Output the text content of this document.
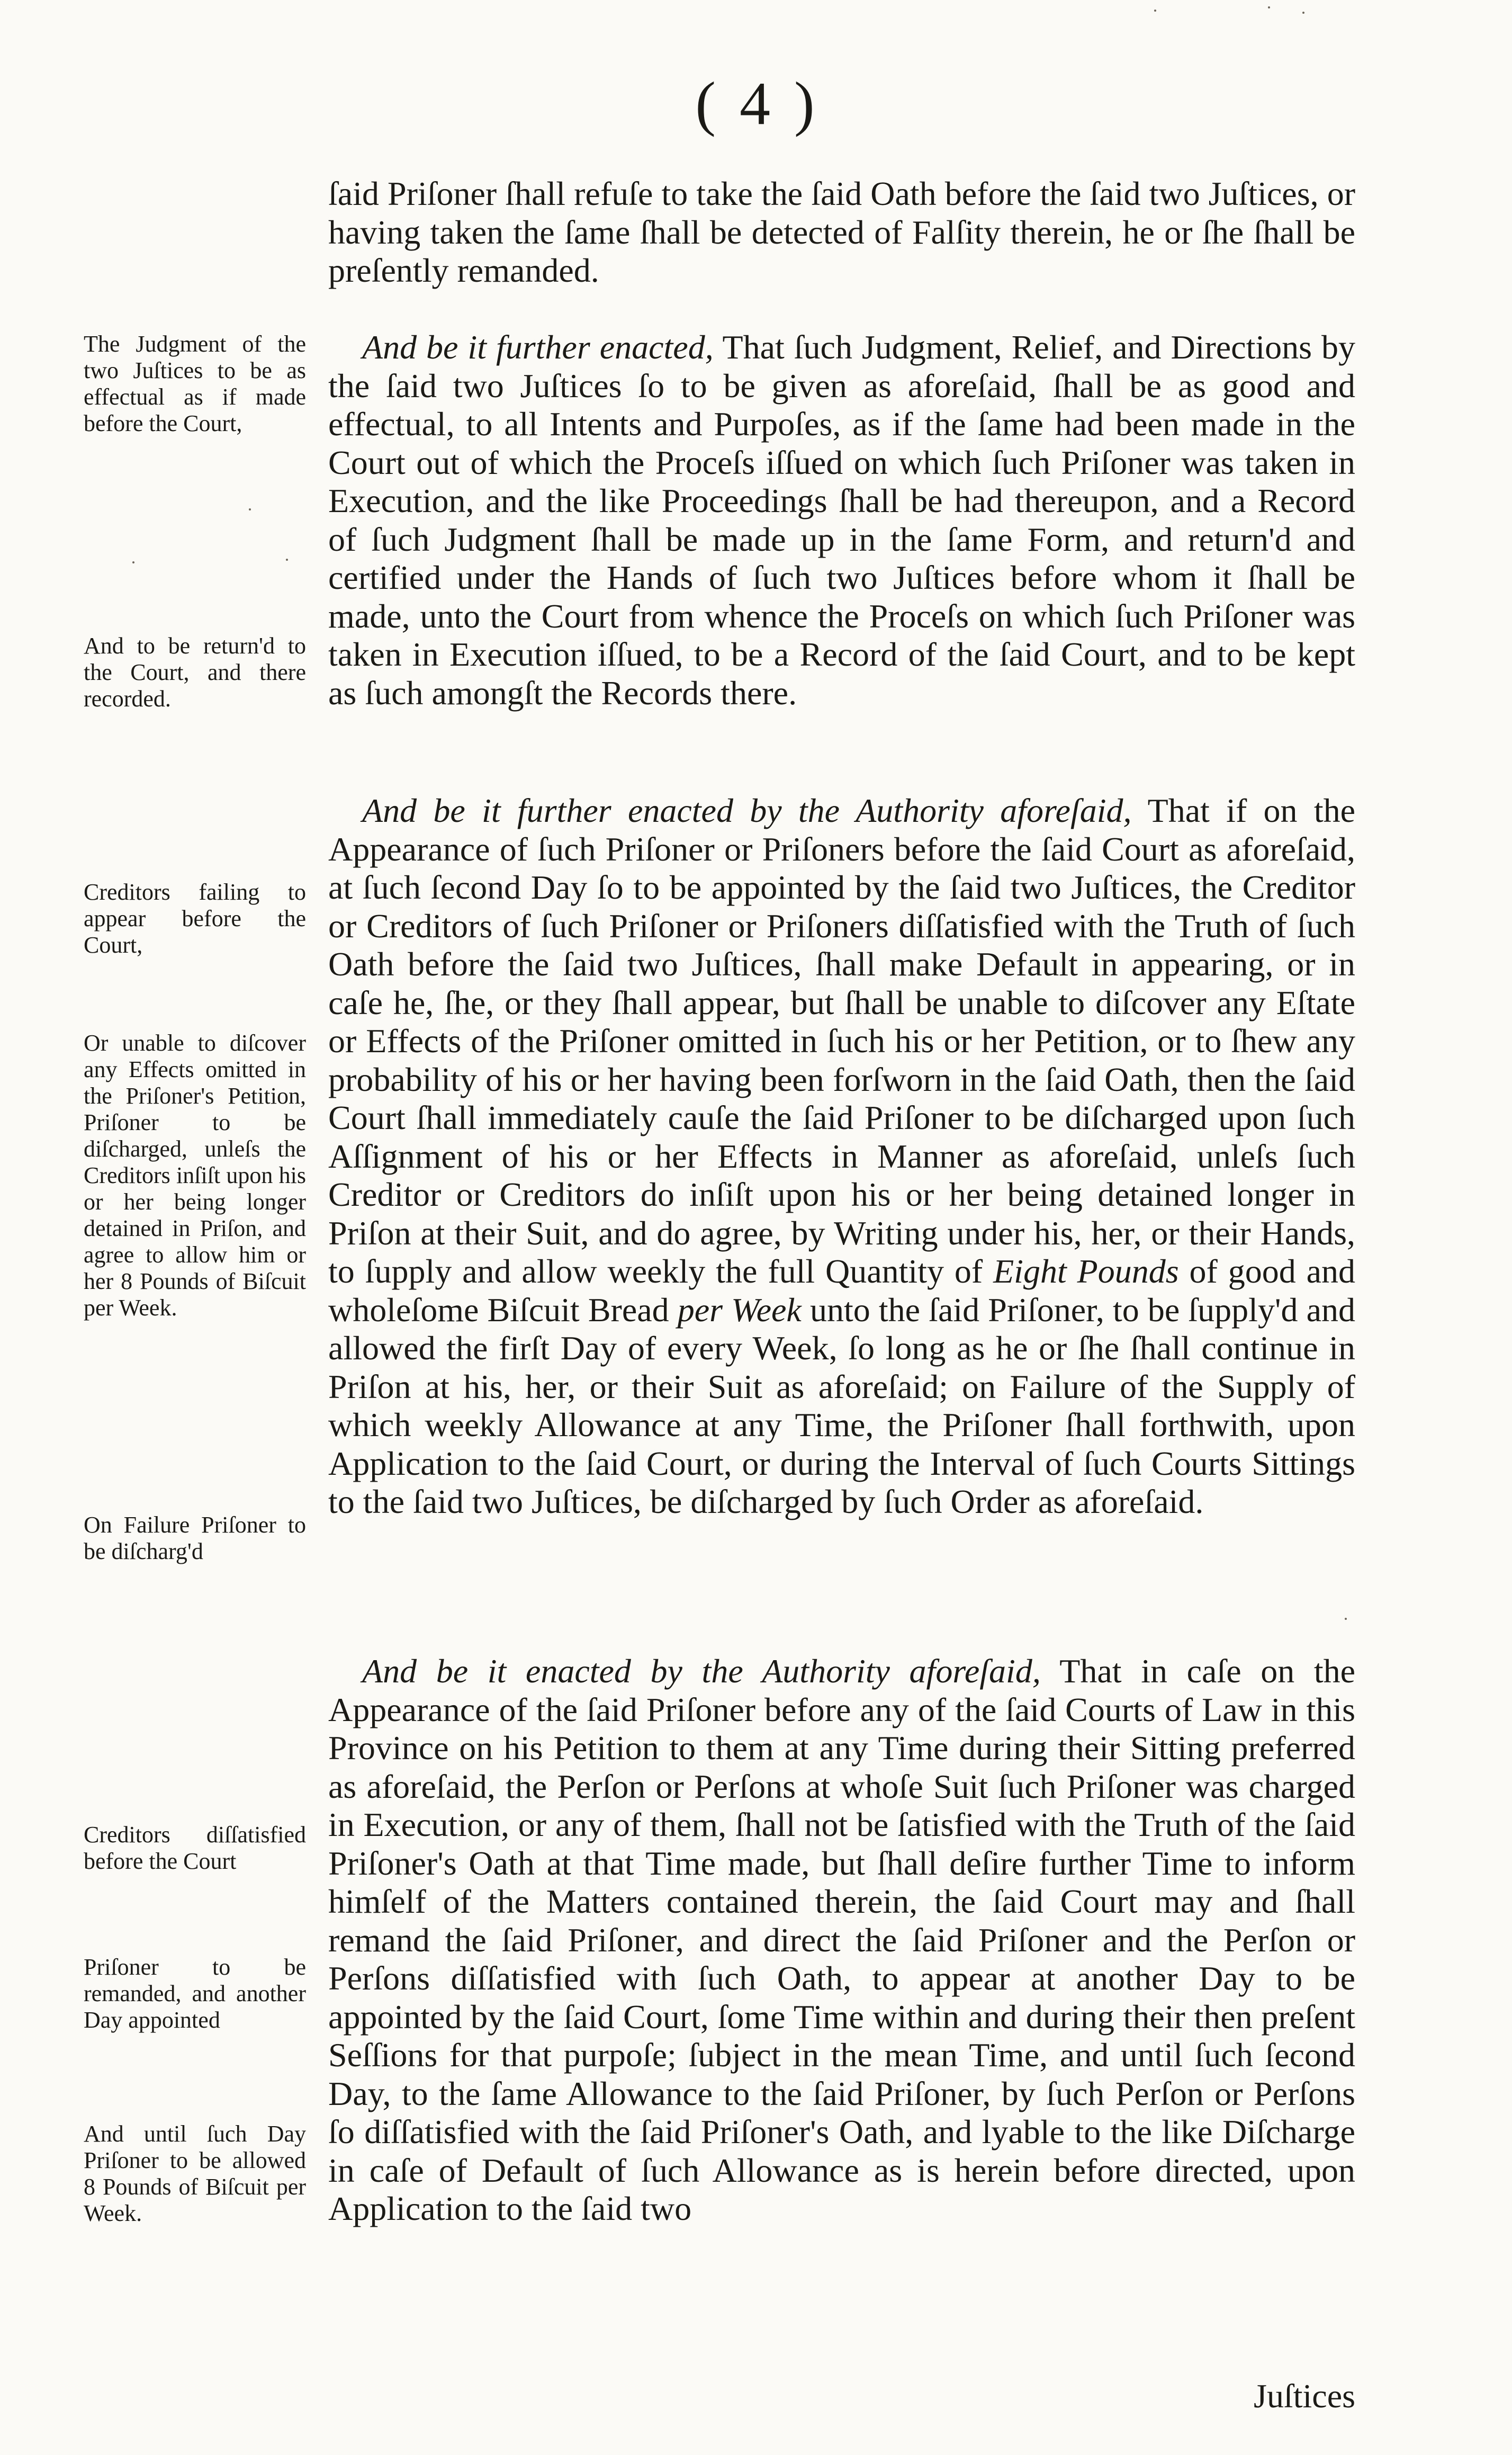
( 4 )

ſaid Priſoner ſhall refuſe to take the ſaid Oath before the ſaid two Juſtices, or having taken the ſame ſhall be detected of Falſity therein, he or ſhe ſhall be preſently remanded.

And be it further enacted, That ſuch Judgment, Relief, and Directions by the ſaid two Juſtices ſo to be given as aforeſaid, ſhall be as good and effectual, to all Intents and Purpoſes, as if the ſame had been made in the Court out of which the Proceſs iſſued on which ſuch Priſoner was taken in Execution, and the like Proceedings ſhall be had thereupon, and a Record of ſuch Judgment ſhall be made up in the ſame Form, and return'd and certified under the Hands of ſuch two Juſtices before whom it ſhall be made, unto the Court from whence the Proceſs on which ſuch Priſoner was taken in Execution iſſued, to be a Record of the ſaid Court, and to be kept as ſuch amongſt the Records there.

And be it further enacted by the Authority aforeſaid, That if on the Appearance of ſuch Priſoner or Priſoners before the ſaid Court as aforeſaid, at ſuch ſecond Day ſo to be appointed by the ſaid two Juſtices, the Creditor or Creditors of ſuch Priſoner or Priſoners diſſatisfied with the Truth of ſuch Oath before the ſaid two Juſtices, ſhall make Default in appearing, or in caſe he, ſhe, or they ſhall appear, but ſhall be unable to diſcover any Eſtate or Effects of the Priſoner omitted in ſuch his or her Petition, or to ſhew any probability of his or her having been forſworn in the ſaid Oath, then the ſaid Court ſhall immediately cauſe the ſaid Priſoner to be diſcharged upon ſuch Aſſignment of his or her Effects in Manner as aforeſaid, unleſs ſuch Creditor or Creditors do inſiſt upon his or her being detained longer in Priſon at their Suit, and do agree, by Writing under his, her, or their Hands, to ſupply and allow weekly the full Quantity of Eight Pounds of good and wholeſome Biſcuit Bread per Week unto the ſaid Priſoner, to be ſupply'd and allowed the firſt Day of every Week, ſo long as he or ſhe ſhall continue in Priſon at his, her, or their Suit as aforeſaid; on Failure of the Supply of which weekly Allowance at any Time, the Priſoner ſhall forthwith, upon Application to the ſaid Court, or during the Interval of ſuch Courts Sittings to the ſaid two Juſtices, be diſcharged by ſuch Order as aforeſaid.

And be it enacted by the Authority aforeſaid, That in caſe on the Appearance of the ſaid Priſoner before any of the ſaid Courts of Law in this Province on his Petition to them at any Time during their Sitting preferred as aforeſaid, the Perſon or Perſons at whoſe Suit ſuch Priſoner was charged in Execution, or any of them, ſhall not be ſatisfied with the Truth of the ſaid Priſoner's Oath at that Time made, but ſhall deſire further Time to inform himſelf of the Matters contained therein, the ſaid Court may and ſhall remand the ſaid Priſoner, and direct the ſaid Priſoner and the Perſon or Perſons diſſatisfied with ſuch Oath, to appear at another Day to be appointed by the ſaid Court, ſome Time within and during their then preſent Seſſions for that purpoſe; ſubject in the mean Time, and until ſuch ſecond Day, to the ſame Allowance to the ſaid Priſoner, by ſuch Perſon or Perſons ſo diſſatisfied with the ſaid Priſoner's Oath, and lyable to the like Diſcharge in caſe of Default of ſuch Allowance as is herein before directed, upon Application to the ſaid two

Juſtices
The Judgment of the two Juſtices to be as effectual as if made before the Court,
And to be return'd to the Court, and there recorded.
Creditors failing to appear before the Court,
Or unable to diſcover any Effects omitted in the Priſoner's Petition, Priſoner to be diſcharged, unleſs the Creditors inſiſt upon his or her being longer detained in Priſon, and agree to allow him or her 8 Pounds of Biſcuit per Week.
On Failure Priſoner to be diſcharg'd
Creditors diſſatisfied before the Court
Priſoner to be remanded, and another Day appointed
And until ſuch Day Priſoner to be allowed 8 Pounds of Biſcuit per Week.
